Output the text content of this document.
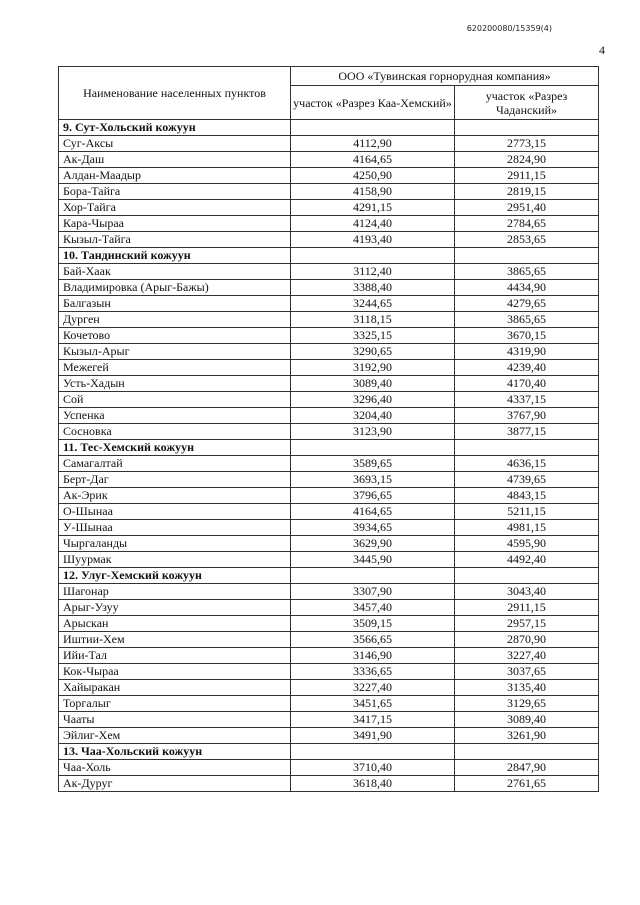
620200080/15359(4)
4
Наименование населенных пунктов	ООО «Тувинская горнорудная компания»	
	участок «Разрез Каа-Хемский»	участок «Разрез Чаданский»
9. Сут-Хольский кожуун		
Суг-Аксы	4112,90	2773,15
Ак-Даш	4164,65	2824,90
Алдан-Маадыр	4250,90	2911,15
Бора-Тайга	4158,90	2819,15
Хор-Тайга	4291,15	2951,40
Кара-Чыраа	4124,40	2784,65
Кызыл-Тайга	4193,40	2853,65
10. Тандинский кожуун		
Бай-Хаак	3112,40	3865,65
Владимировка (Арыг-Бажы)	3388,40	4434,90
Балгазын	3244,65	4279,65
Дурген	3118,15	3865,65
Кочетово	3325,15	3670,15
Кызыл-Арыг	3290,65	4319,90
Межегей	3192,90	4239,40
Усть-Хадын	3089,40	4170,40
Сой	3296,40	4337,15
Успенка	3204,40	3767,90
Сосновка	3123,90	3877,15
11. Тес-Хемский кожуун		
Самагалтай	3589,65	4636,15
Берт-Даг	3693,15	4739,65
Ак-Эрик	3796,65	4843,15
О-Шынаа	4164,65	5211,15
У-Шынаа	3934,65	4981,15
Чыргаланды	3629,90	4595,90
Шуурмак	3445,90	4492,40
12. Улуг-Хемский кожуун		
Шагонар	3307,90	3043,40
Арыг-Узуу	3457,40	2911,15
Арыскан	3509,15	2957,15
Иштии-Хем	3566,65	2870,90
Ийи-Тал	3146,90	3227,40
Кок-Чыраа	3336,65	3037,65
Хайыракан	3227,40	3135,40
Торгалыг	3451,65	3129,65
Чааты	3417,15	3089,40
Эйлиг-Хем	3491,90	3261,90
13. Чаа-Хольский кожуун		
Чаа-Холь	3710,40	2847,90
Ак-Дуруг	3618,40	2761,65
